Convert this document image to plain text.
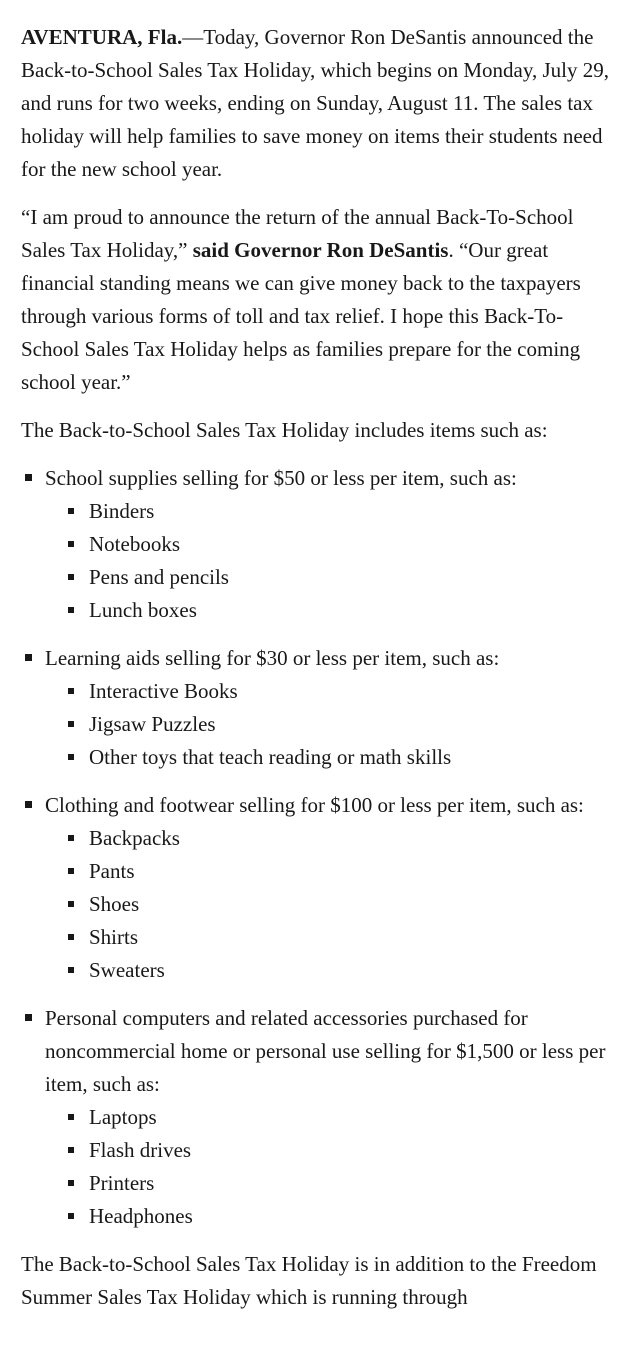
AVENTURA, Fla.—Today, Governor Ron DeSantis announced the Back-to-School Sales Tax Holiday, which begins on Monday, July 29, and runs for two weeks, ending on Sunday, August 11. The sales tax holiday will help families to save money on items their students need for the new school year.

“I am proud to announce the return of the annual Back-To-School Sales Tax Holiday,” said Governor Ron DeSantis. “Our great financial standing means we can give money back to the taxpayers through various forms of toll and tax relief. I hope this Back-To-School Sales Tax Holiday helps as families prepare for the coming school year.”

The Back-to-School Sales Tax Holiday includes items such as:

School supplies selling for $50 or less per item, such as:
Binders
Notebooks
Pens and pencils
Lunch boxes
Learning aids selling for $30 or less per item, such as:
Interactive Books
Jigsaw Puzzles
Other toys that teach reading or math skills
Clothing and footwear selling for $100 or less per item, such as:
Backpacks
Pants
Shoes
Shirts
Sweaters
Personal computers and related accessories purchased for noncommercial home or personal use selling for $1,500 or less per item, such as:
Laptops
Flash drives
Printers
Headphones

The Back-to-School Sales Tax Holiday is in addition to the Freedom Summer Sales Tax Holiday which is running through
